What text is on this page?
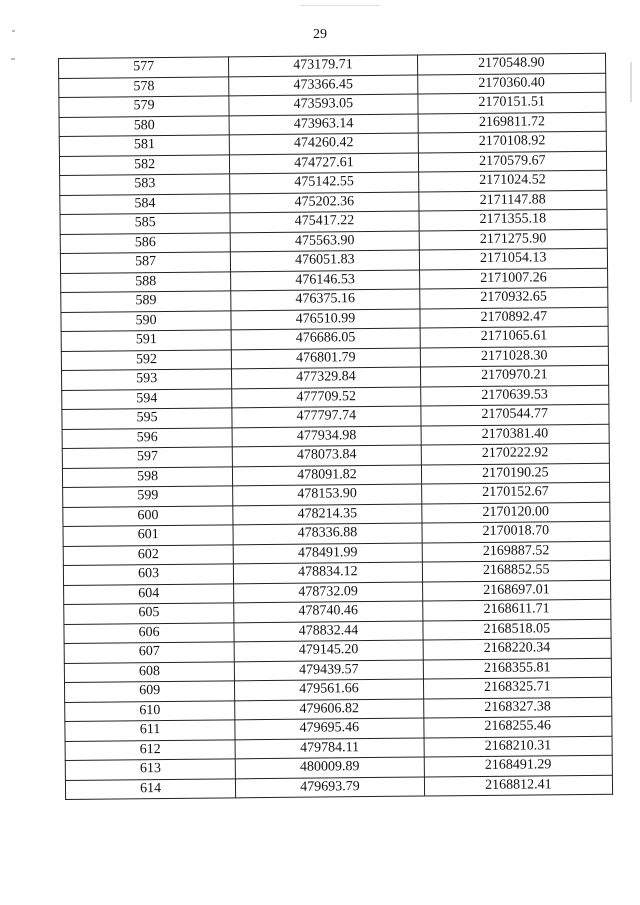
29
577	473179.71	2170548.90
578	473366.45	2170360.40
579	473593.05	2170151.51
580	473963.14	2169811.72
581	474260.42	2170108.92
582	474727.61	2170579.67
583	475142.55	2171024.52
584	475202.36	2171147.88
585	475417.22	2171355.18
586	475563.90	2171275.90
587	476051.83	2171054.13
588	476146.53	2171007.26
589	476375.16	2170932.65
590	476510.99	2170892.47
591	476686.05	2171065.61
592	476801.79	2171028.30
593	477329.84	2170970.21
594	477709.52	2170639.53
595	477797.74	2170544.77
596	477934.98	2170381.40
597	478073.84	2170222.92
598	478091.82	2170190.25
599	478153.90	2170152.67
600	478214.35	2170120.00
601	478336.88	2170018.70
602	478491.99	2169887.52
603	478834.12	2168852.55
604	478732.09	2168697.01
605	478740.46	2168611.71
606	478832.44	2168518.05
607	479145.20	2168220.34
608	479439.57	2168355.81
609	479561.66	2168325.71
610	479606.82	2168327.38
611	479695.46	2168255.46
612	479784.11	2168210.31
613	480009.89	2168491.29
614	479693.79	2168812.41
